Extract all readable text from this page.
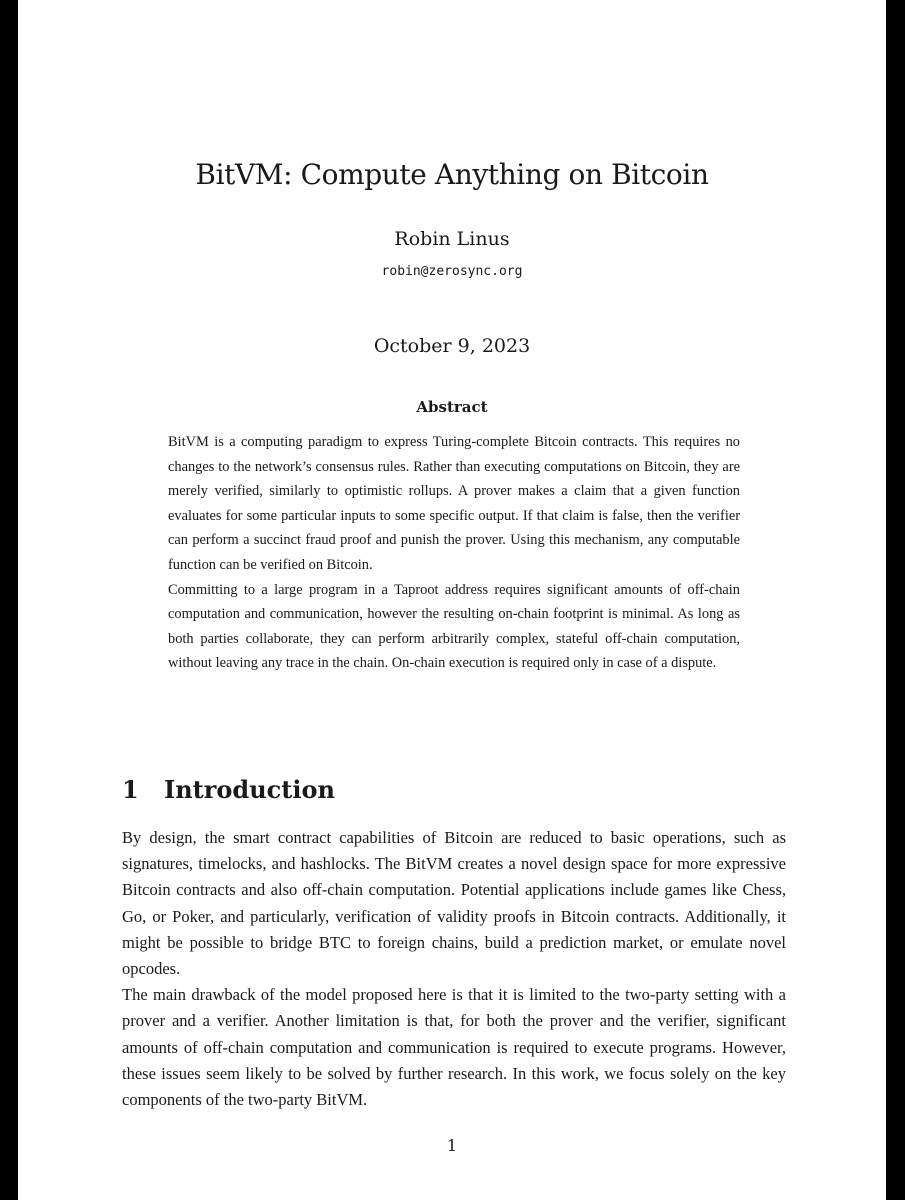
BitVM: Compute Anything on Bitcoin
Robin Linus
robin@zerosync.org
October 9, 2023
Abstract

BitVM is a computing paradigm to express Turing-complete Bitcoin contracts. This requires no changes to the network’s consensus rules. Rather than executing computations on Bitcoin, they are merely verified, similarly to optimistic rollups. A prover makes a claim that a given function evaluates for some particular inputs to some specific output. If that claim is false, then the verifier can perform a succinct fraud proof and punish the prover. Using this mechanism, any computable function can be verified on Bitcoin.

Committing to a large program in a Taproot address requires significant amounts of off-chain computation and communication, however the resulting on-chain footprint is minimal. As long as both parties collaborate, they can perform arbitrarily complex, stateful off-chain computation, without leaving any trace in the chain. On-chain execution is required only in case of a dispute.

1 Introduction

By design, the smart contract capabilities of Bitcoin are reduced to basic operations, such as signatures, timelocks, and hashlocks. The BitVM creates a novel design space for more expressive Bitcoin contracts and also off-chain computation. Potential applications include games like Chess, Go, or Poker, and particularly, verification of validity proofs in Bitcoin contracts. Additionally, it might be possible to bridge BTC to foreign chains, build a prediction market, or emulate novel opcodes.

The main drawback of the model proposed here is that it is limited to the two-party setting with a prover and a verifier. Another limitation is that, for both the prover and the verifier, significant amounts of off-chain computation and communication is required to execute programs. However, these issues seem likely to be solved by further research. In this work, we focus solely on the key components of the two-party BitVM.

1
